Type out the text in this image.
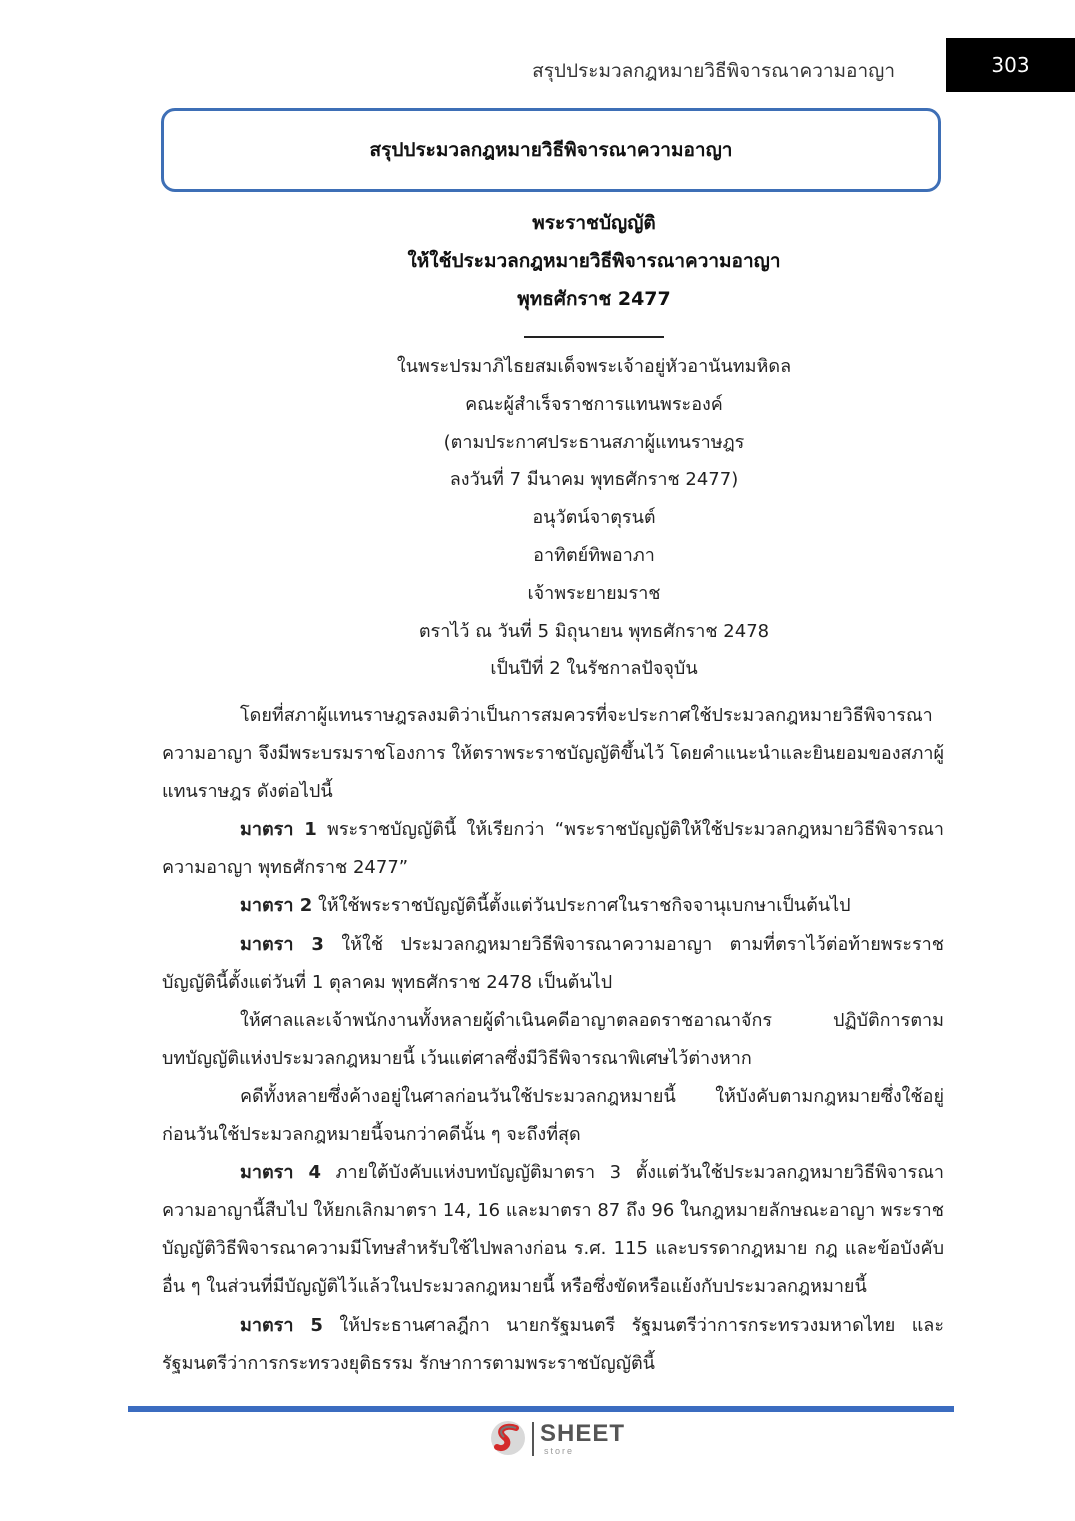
สรุปประมวลกฎหมายวิธีพิจารณาความอาญา	303
สรุปประมวลกฎหมายวิธีพิจารณาความอาญา
พระราชบัญญัติ
ให้ใช้ประมวลกฎหมายวิธีพิจารณาความอาญา
พุทธศักราช 2477
ในพระปรมาภิไธยสมเด็จพระเจ้าอยู่หัวอานันทมหิดล
คณะผู้สำเร็จราชการแทนพระองค์
(ตามประกาศประธานสภาผู้แทนราษฎร
ลงวันที่ 7 มีนาคม พุทธศักราช 2477)
อนุวัตน์จาตุรนต์
อาทิตย์ทิพอาภา
เจ้าพระยายมราช
ตราไว้ ณ วันที่ 5 มิถุนายน พุทธศักราช 2478
เป็นปีที่ 2 ในรัชกาลปัจจุบัน

โดยที่สภาผู้แทนราษฎรลงมติว่าเป็นการสมควรที่จะประกาศใช้ประมวลกฎหมายวิธีพิจารณาความอาญา จึงมีพระบรมราชโองการ ให้ตราพระราชบัญญัติขึ้นไว้ โดยคำแนะนำและยินยอมของสภาผู้แทนราษฎร ดังต่อไปนี้

มาตรา 1 พระราชบัญญัตินี้ ให้เรียกว่า “พระราชบัญญัติให้ใช้ประมวลกฎหมายวิธีพิจารณาความอาญา พุทธศักราช 2477”

มาตรา 2 ให้ใช้พระราชบัญญัตินี้ตั้งแต่วันประกาศในราชกิจจานุเบกษาเป็นต้นไป

มาตรา 3 ให้ใช้ ประมวลกฎหมายวิธีพิจารณาความอาญา ตามที่ตราไว้ต่อท้ายพระราชบัญญัตินี้ตั้งแต่วันที่ 1 ตุลาคม พุทธศักราช 2478 เป็นต้นไป

ให้ศาลและเจ้าพนักงานทั้งหลายผู้ดำเนินคดีอาญาตลอดราชอาณาจักร ปฏิบัติการตามบทบัญญัติแห่งประมวลกฎหมายนี้ เว้นแต่ศาลซึ่งมีวิธีพิจารณาพิเศษไว้ต่างหาก

คดีทั้งหลายซึ่งค้างอยู่ในศาลก่อนวันใช้ประมวลกฎหมายนี้ ให้บังคับตามกฎหมายซึ่งใช้อยู่ก่อนวันใช้ประมวลกฎหมายนี้จนกว่าคดีนั้น ๆ จะถึงที่สุด

มาตรา 4 ภายใต้บังคับแห่งบทบัญญัติมาตรา 3 ตั้งแต่วันใช้ประมวลกฎหมายวิธีพิจารณาความอาญานี้สืบไป ให้ยกเลิกมาตรา 14, 16 และมาตรา 87 ถึง 96 ในกฎหมายลักษณะอาญา พระราชบัญญัติวิธีพิจารณาความมีโทษสำหรับใช้ไปพลางก่อน ร.ศ. 115 และบรรดากฎหมาย กฎ และข้อบังคับอื่น ๆ ในส่วนที่มีบัญญัติไว้แล้วในประมวลกฎหมายนี้ หรือซึ่งขัดหรือแย้งกับประมวลกฎหมายนี้

มาตรา 5 ให้ประธานศาลฎีกา นายกรัฐมนตรี รัฐมนตรีว่าการกระทรวงมหาดไทย และรัฐมนตรีว่าการกระทรวงยุติธรรม รักษาการตามพระราชบัญญัตินี้

SHEET
store
